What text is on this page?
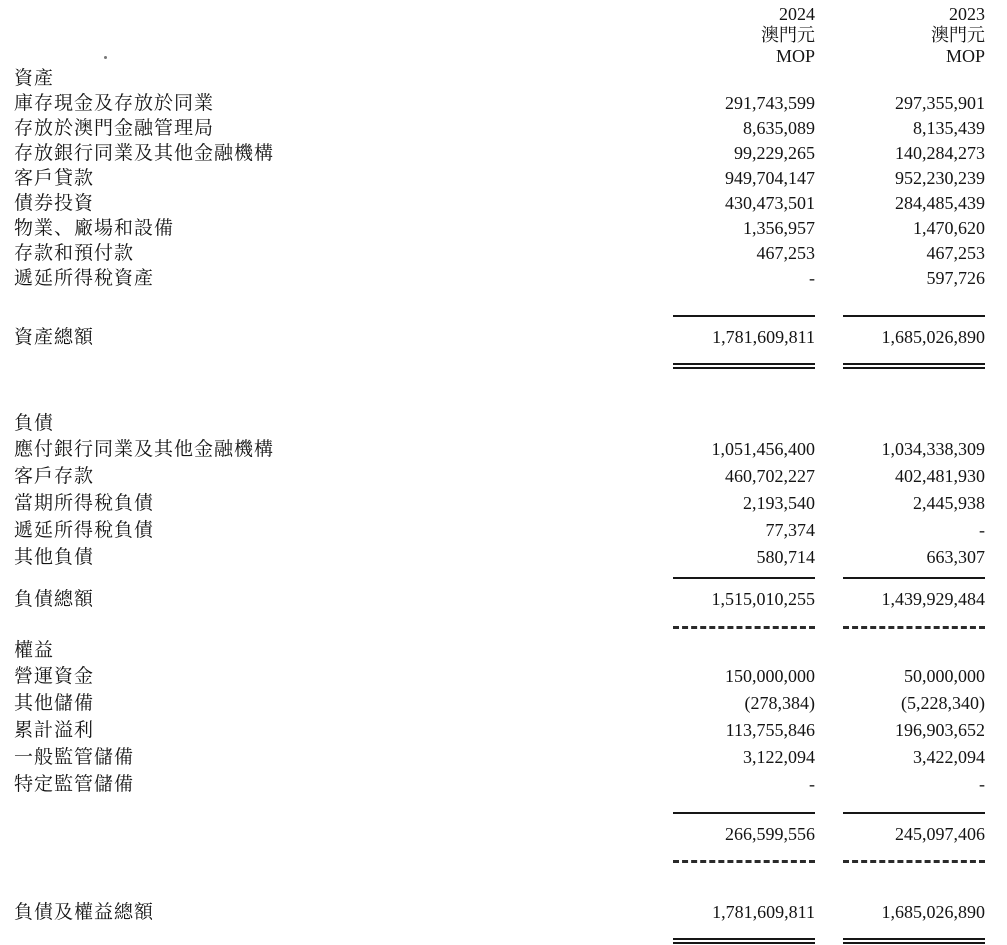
2024	2023
澳門元	澳門元
MOP	MOP
資產
庫存現金及存放於同業	291,743,599	297,355,901
存放於澳門金融管理局	8,635,089	8,135,439
存放銀行同業及其他金融機構	99,229,265	140,284,273
客戶貸款	949,704,147	952,230,239
債券投資	430,473,501	284,485,439
物業、廠場和設備	1,356,957	1,470,620
存款和預付款	467,253	467,253
遞延所得稅資產	-	597,726
資產總額	1,781,609,811	1,685,026,890
負債
應付銀行同業及其他金融機構	1,051,456,400	1,034,338,309
客戶存款	460,702,227	402,481,930
當期所得稅負債	2,193,540	2,445,938
遞延所得稅負債	77,374	-
其他負債	580,714	663,307
負債總額	1,515,010,255	1,439,929,484
權益
營運資金	150,000,000	50,000,000
其他儲備	(278,384)	(5,228,340)
累計溢利	113,755,846	196,903,652
一般監管儲備	3,122,094	3,422,094
特定監管儲備	-	-
266,599,556	245,097,406
負債及權益總額	1,781,609,811	1,685,026,890
